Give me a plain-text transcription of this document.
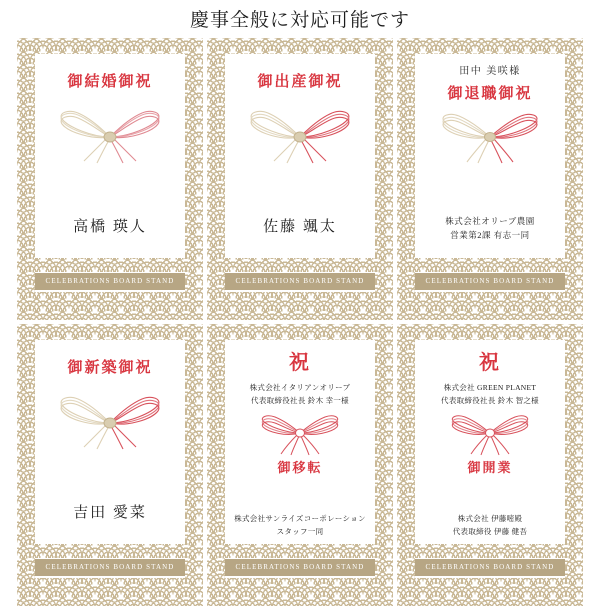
慶事全般に対応可能です
御結婚御祝
高橋 瑛人
CELEBRATIONS BOARD STAND
御出産御祝
佐藤 颯太
CELEBRATIONS BOARD STAND
田中 美咲様
御退職御祝
株式会社オリーブ農園
営業第2課 有志一同
CELEBRATIONS BOARD STAND
御新築御祝
吉田 愛菜
CELEBRATIONS BOARD STAND
祝
株式会社イタリアンオリーブ
代表取締役社長 鈴木 幸一様
御移転
株式会社サンライズコーポレーション
スタッフ一同
CELEBRATIONS BOARD STAND
祝
株式会社 GREEN PLANET
代表取締役社長 鈴木 智之様
御開業
株式会社 伊藤嘧殿
代表取締役 伊藤 健吾
CELEBRATIONS BOARD STAND
